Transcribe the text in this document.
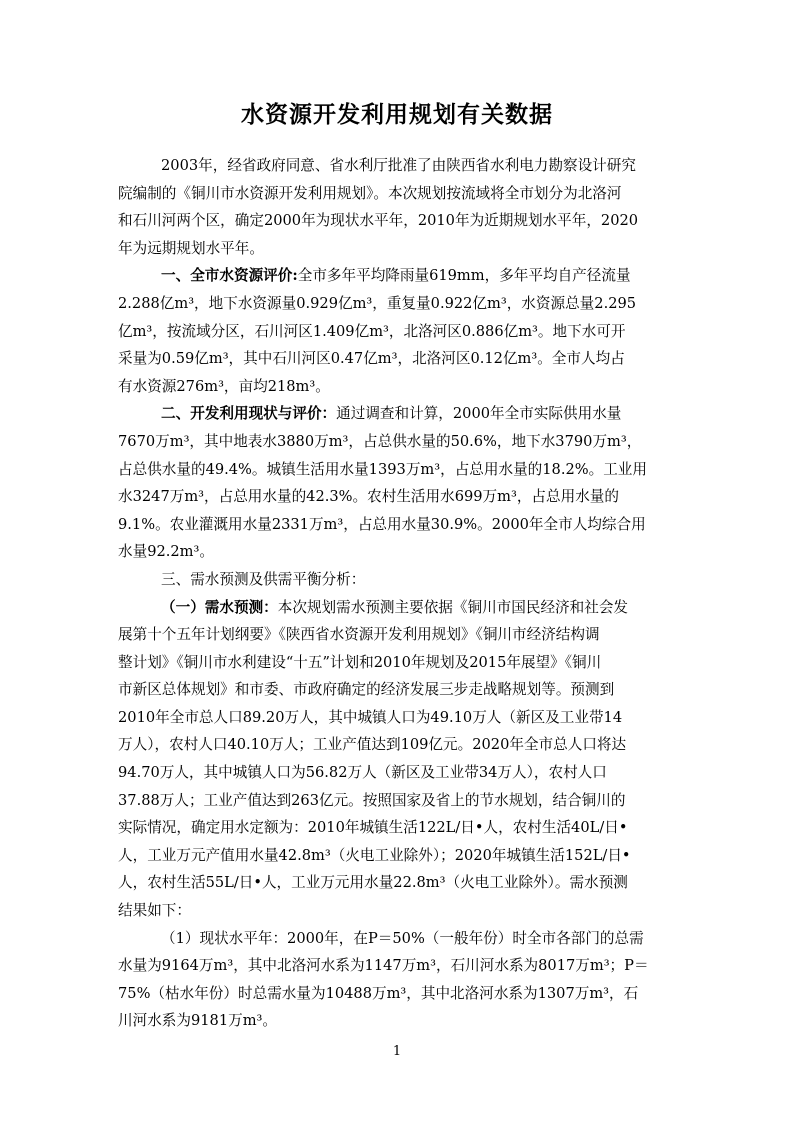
水资源开发利用规划有关数据

2003年，经省政府同意、省水利厅批准了由陕西省水利电力勘察设计研究
院编制的《铜川市水资源开发利用规划》。本次规划按流域将全市划分为北洛河
和石川河两个区，确定2000年为现状水平年，2010年为近期规划水平年，2020
年为远期规划水平年。

一、全市水资源评价:全市多年平均降雨量619mm，多年平均自产径流量
2.288亿m³，地下水资源量0.929亿m³，重复量0.922亿m³，水资源总量2.295
亿m³，按流域分区，石川河区1.409亿m³，北洛河区0.886亿m³。地下水可开
采量为0.59亿m³，其中石川河区0.47亿m³，北洛河区0.12亿m³。全市人均占
有水资源276m³，亩均218m³。

二、开发利用现状与评价：通过调查和计算，2000年全市实际供用水量
7670万m³，其中地表水3880万m³，占总供水量的50.6%，地下水3790万m³，
占总供水量的49.4%。城镇生活用水量1393万m³，占总用水量的18.2%。工业用
水3247万m³，占总用水量的42.3%。农村生活用水699万m³，占总用水量的
9.1%。农业灌溉用水量2331万m³，占总用水量30.9%。2000年全市人均综合用
水量92.2m³。

三、需水预测及供需平衡分析：

（一）需水预测：本次规划需水预测主要依据《铜川市国民经济和社会发
展第十个五年计划纲要》《陕西省水资源开发利用规划》《铜川市经济结构调
整计划》《铜川市水利建设“十五”计划和2010年规划及2015年展望》《铜川
市新区总体规划》和市委、市政府确定的经济发展三步走战略规划等。预测到
2010年全市总人口89.20万人，其中城镇人口为49.10万人（新区及工业带14
万人），农村人口40.10万人；工业产值达到109亿元。2020年全市总人口将达
94.70万人，其中城镇人口为56.82万人（新区及工业带34万人），农村人口
37.88万人；工业产值达到263亿元。按照国家及省上的节水规划，结合铜川的
实际情况，确定用水定额为：2010年城镇生活122L/日•人，农村生活40L/日•
人，工业万元产值用水量42.8m³（火电工业除外）；2020年城镇生活152L/日•
人，农村生活55L/日•人，工业万元用水量22.8m³（火电工业除外）。需水预测
结果如下：

（1）现状水平年：2000年，在P＝50%（一般年份）时全市各部门的总需
水量为9164万m³，其中北洛河水系为1147万m³，石川河水系为8017万m³；P＝
75%（枯水年份）时总需水量为10488万m³，其中北洛河水系为1307万m³，石
川河水系为9181万m³。

1
